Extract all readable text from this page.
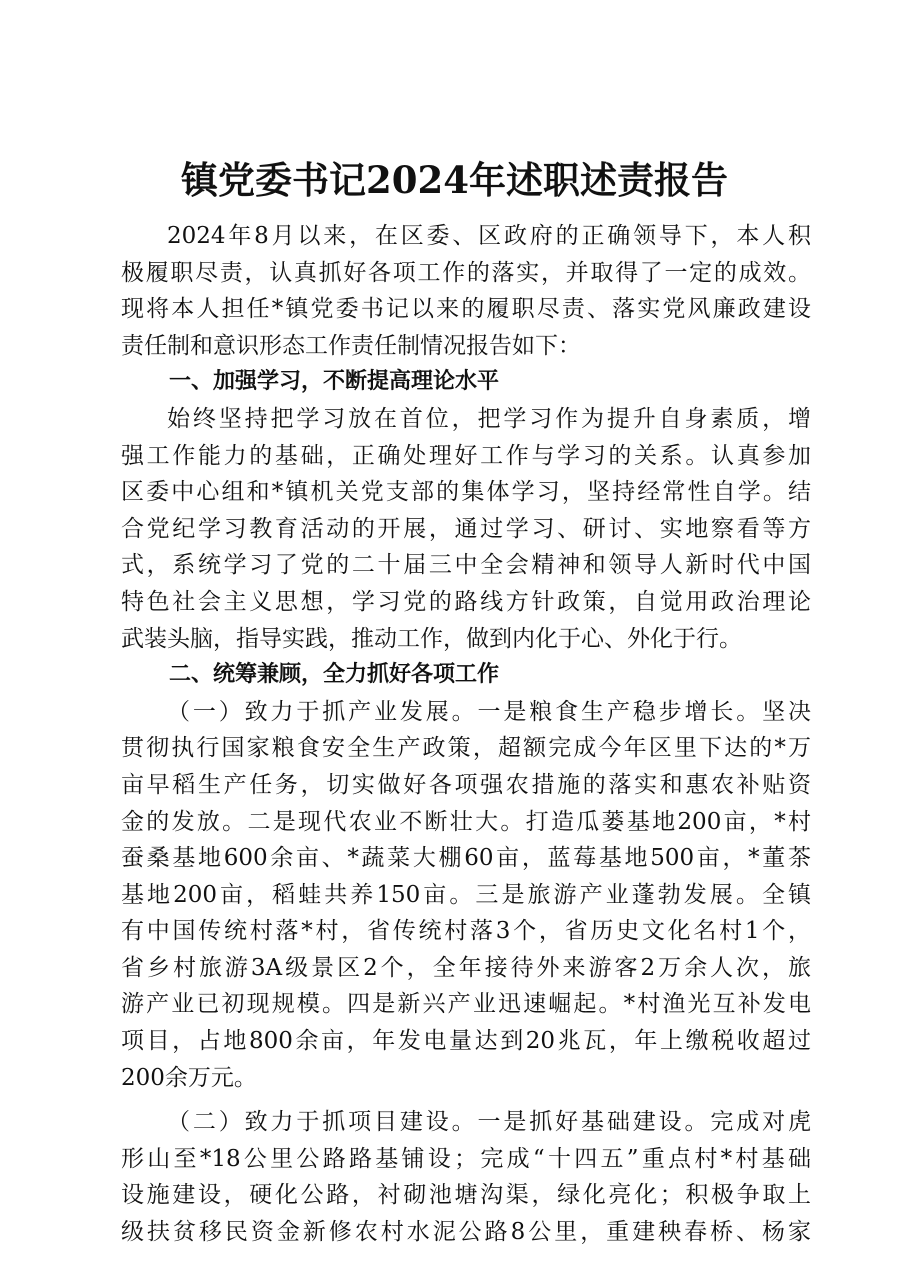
镇党委书记2024年述职述责报告
2024年8月以来，在区委、区政府的正确领导下，本人积
极履职尽责，认真抓好各项工作的落实，并取得了一定的成效。
现将本人担任*镇党委书记以来的履职尽责、落实党风廉政建设
责任制和意识形态工作责任制情况报告如下：
一、加强学习，不断提高理论水平
始终坚持把学习放在首位，把学习作为提升自身素质，增
强工作能力的基础，正确处理好工作与学习的关系。认真参加
区委中心组和*镇机关党支部的集体学习，坚持经常性自学。结
合党纪学习教育活动的开展，通过学习、研讨、实地察看等方
式，系统学习了党的二十届三中全会精神和领导人新时代中国
特色社会主义思想，学习党的路线方针政策，自觉用政治理论
武装头脑，指导实践，推动工作，做到内化于心、外化于行。
二、统筹兼顾，全力抓好各项工作
（一）致力于抓产业发展。一是粮食生产稳步增长。坚决
贯彻执行国家粮食安全生产政策，超额完成今年区里下达的*万
亩早稻生产任务，切实做好各项强农措施的落实和惠农补贴资
金的发放。二是现代农业不断壮大。打造瓜蒌基地200亩，*村
蚕桑基地600余亩、*蔬菜大棚60亩，蓝莓基地500亩，*董茶
基地200亩，稻蛙共养150亩。三是旅游产业蓬勃发展。全镇
有中国传统村落*村，省传统村落3个，省历史文化名村1个，
省乡村旅游3A级景区2个，全年接待外来游客2万余人次，旅
游产业已初现规模。四是新兴产业迅速崛起。*村渔光互补发电
项目，占地800余亩，年发电量达到20兆瓦，年上缴税收超过
200余万元。
（二）致力于抓项目建设。一是抓好基础建设。完成对虎
形山至*18公里公路路基铺设；完成“十四五”重点村*村基础
设施建设，硬化公路，衬砌池塘沟渠，绿化亮化；积极争取上
级扶贫移民资金新修农村水泥公路8公里，重建秧春桥、杨家
